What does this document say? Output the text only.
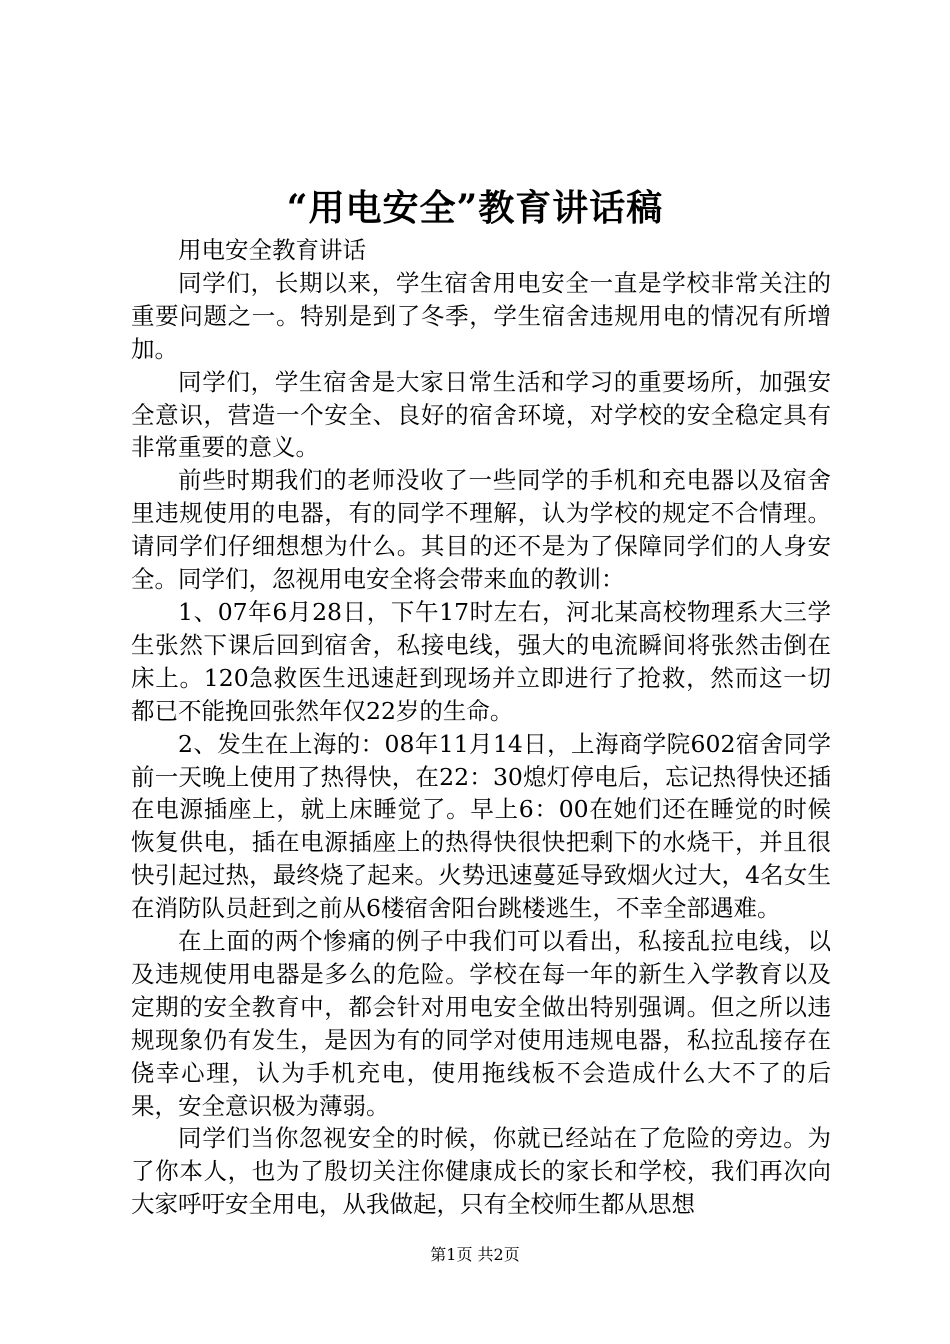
“用电安全”教育讲话稿

用电安全教育讲话

同学们，长期以来，学生宿舍用电安全一直是学校非常关注的重要问题之一。特别是到了冬季，学生宿舍违规用电的情况有所增加。

同学们，学生宿舍是大家日常生活和学习的重要场所，加强安全意识，营造一个安全、良好的宿舍环境，对学校的安全稳定具有非常重要的意义。

前些时期我们的老师没收了一些同学的手机和充电器以及宿舍里违规使用的电器，有的同学不理解，认为学校的规定不合情理。请同学们仔细想想为什么。其目的还不是为了保障同学们的人身安全。同学们，忽视用电安全将会带来血的教训：

1、07年6月28日，下午17时左右，河北某高校物理系大三学生张然下课后回到宿舍，私接电线，强大的电流瞬间将张然击倒在床上。120急救医生迅速赶到现场并立即进行了抢救，然而这一切都已不能挽回张然年仅22岁的生命。

2、发生在上海的：08年11月14日，上海商学院602宿舍同学前一天晚上使用了热得快，在22：30熄灯停电后，忘记热得快还插在电源插座上，就上床睡觉了。早上6：00在她们还在睡觉的时候恢复供电，插在电源插座上的热得快很快把剩下的水烧干，并且很快引起过热，最终烧了起来。火势迅速蔓延导致烟火过大，4名女生在消防队员赶到之前从6楼宿舍阳台跳楼逃生，不幸全部遇难。

在上面的两个惨痛的例子中我们可以看出，私接乱拉电线，以及违规使用电器是多么的危险。学校在每一年的新生入学教育以及定期的安全教育中，都会针对用电安全做出特别强调。但之所以违规现象仍有发生，是因为有的同学对使用违规电器，私拉乱接存在侥幸心理，认为手机充电，使用拖线板不会造成什么大不了的后果，安全意识极为薄弱。

同学们当你忽视安全的时候，你就已经站在了危险的旁边。为了你本人，也为了殷切关注你健康成长的家长和学校，我们再次向大家呼吁安全用电，从我做起，只有全校师生都从思想

第1页 共2页
